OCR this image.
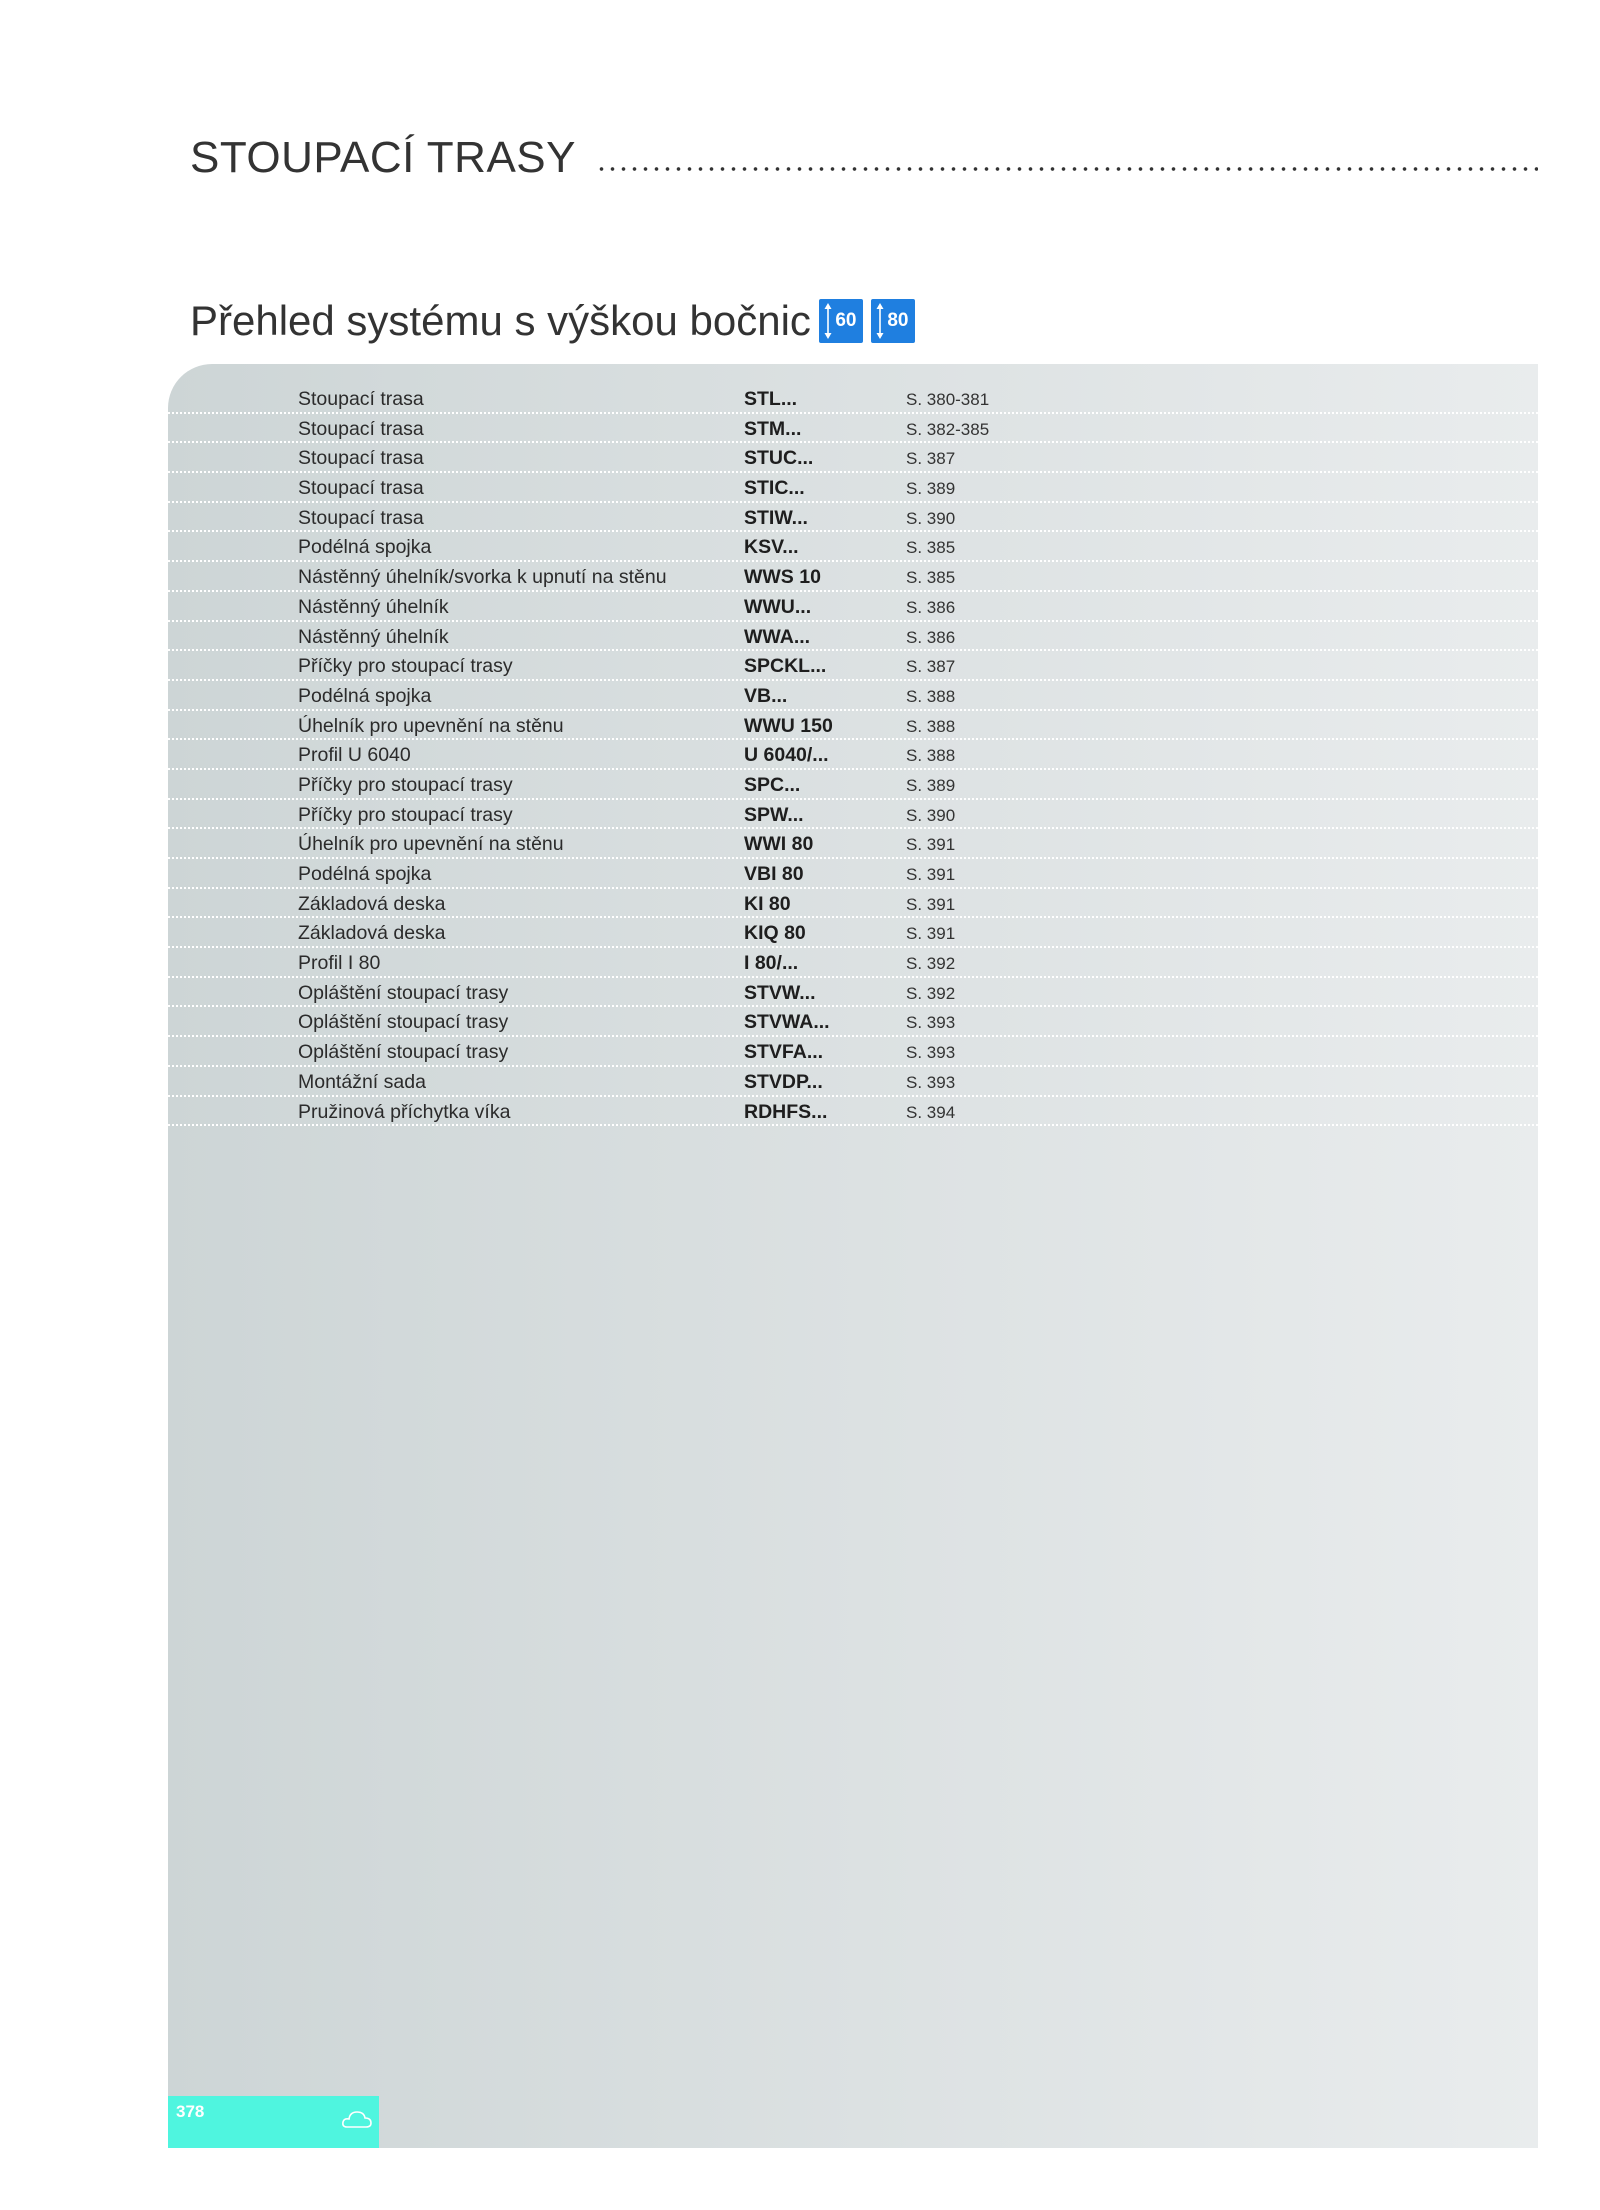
STOUPACÍ TRASY
Přehled systému s výškou bočnic 60 80
Stoupací trasa	STL...	S. 380-381
Stoupací trasa	STM...	S. 382-385
Stoupací trasa	STUC...	S. 387
Stoupací trasa	STIC...	S. 389
Stoupací trasa	STIW...	S. 390
Podélná spojka	KSV...	S. 385
Nástěnný úhelník/svorka k upnutí na stěnu	WWS 10	S. 385
Nástěnný úhelník	WWU...	S. 386
Nástěnný úhelník	WWA...	S. 386
Příčky pro stoupací trasy	SPCKL...	S. 387
Podélná spojka	VB...	S. 388
Úhelník pro upevnění na stěnu	WWU 150	S. 388
Profil U 6040	U 6040/...	S. 388
Příčky pro stoupací trasy	SPC...	S. 389
Příčky pro stoupací trasy	SPW...	S. 390
Úhelník pro upevnění na stěnu	WWI 80	S. 391
Podélná spojka	VBI 80	S. 391
Základová deska	KI 80	S. 391
Základová deska	KIQ 80	S. 391
Profil I 80	I 80/...	S. 392
Opláštění stoupací trasy	STVW...	S. 392
Opláštění stoupací trasy	STVWA...	S. 393
Opláštění stoupací trasy	STVFA...	S. 393
Montážní sada	STVDP...	S. 393
Pružinová příchytka víka	RDHFS...	S. 394
378
